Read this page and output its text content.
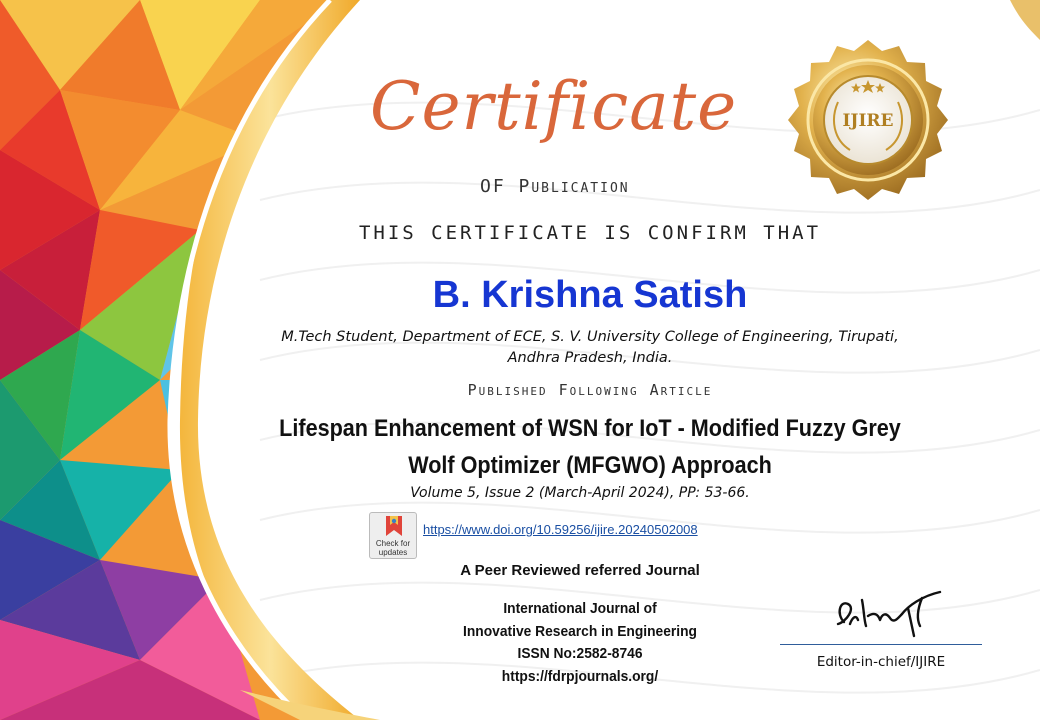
IJIRE
Certificate
OF Publication
THIS CERTIFICATE IS CONFIRM THAT
B. Krishna Satish
M.Tech Student, Department of ECE, S. V. University College of Engineering, Tirupati,
Andhra Pradesh, India.
Published Following Article
Lifespan Enhancement of WSN for IoT - Modified Fuzzy Grey
Wolf Optimizer (MFGWO) Approach
Volume 5, Issue 2 (March-April 2024), PP: 53-66.
Check for updates
https://www.doi.org/10.59256/ijire.20240502008
A Peer Reviewed referred Journal
International Journal of
Innovative Research in Engineering
ISSN No:2582-8746
https://fdrpjournals.org/
Editor-in-chief/IJIRE
